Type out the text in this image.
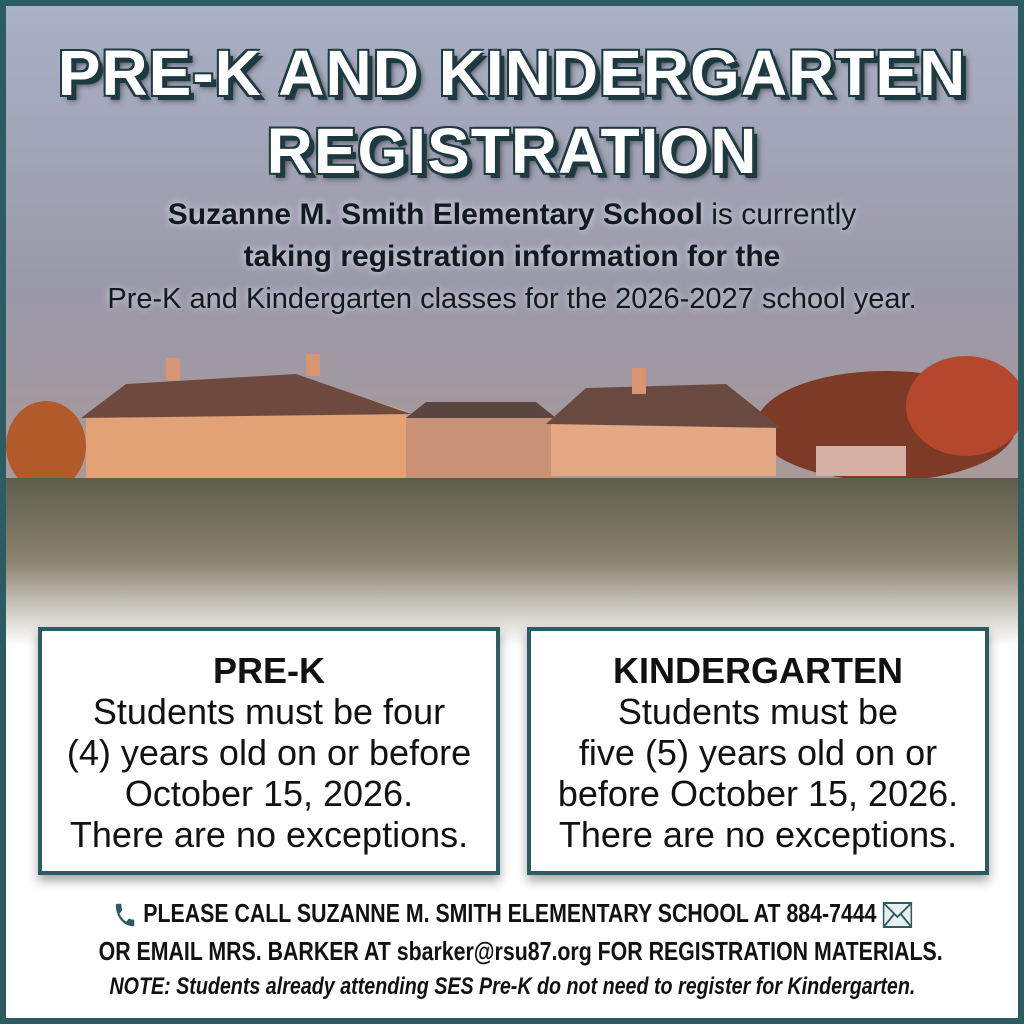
PRE-K AND KINDERGARTEN
REGISTRATION
Suzanne M. Smith Elementary School is currently
taking registration information for the
Pre-K and Kindergarten classes for the 2026-2027 school year.
PRE-K

Students must be four

(4) years old on or before

October 15, 2026.

There are no exceptions.

KINDERGARTEN

Students must be

five (5) years old on or

before October 15, 2026.

There are no exceptions.

PLEASE CALL SUZANNE M. SMITH ELEMENTARY SCHOOL AT 884-7444
OR EMAIL MRS. BARKER AT sbarker@rsu87.org FOR REGISTRATION MATERIALS.
NOTE: Students already attending SES Pre-K do not need to register for Kindergarten.
